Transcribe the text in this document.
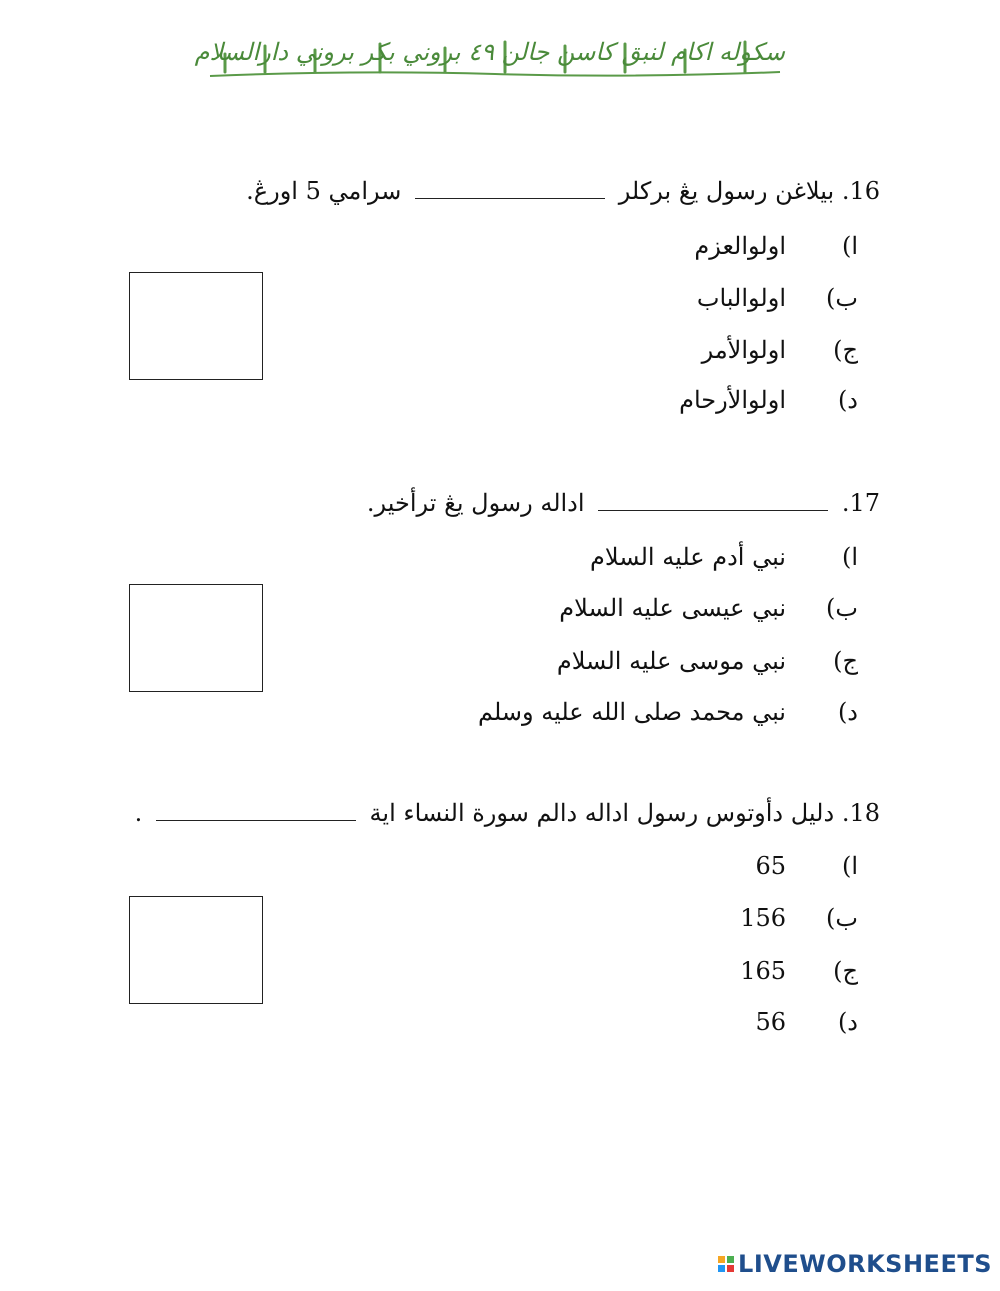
سكوله اكام لنبق كاسن جالن ٤٩ بروني بكر بروني دارالسلام
16. بيلاغن رسول يڠ بركلر  سرامي 5 اورڠ.
ا)
اولوالعزم
ب)
اولوالباب
ج)
اولوالأمر
د)
اولوالأرحام
17.  اداله رسول يڠ ترأخير.
ا)
نبي أدم عليه السلام
ب)
نبي عيسى عليه السلام
ج)
نبي موسى عليه السلام
د)
نبي محمد صلى الله عليه وسلم
18. دليل دأوتوس رسول اداله دالم سورة النساء اية  .
ا)
65
ب)
156
ج)
165
د)
56
LIVEWORKSHEETS
